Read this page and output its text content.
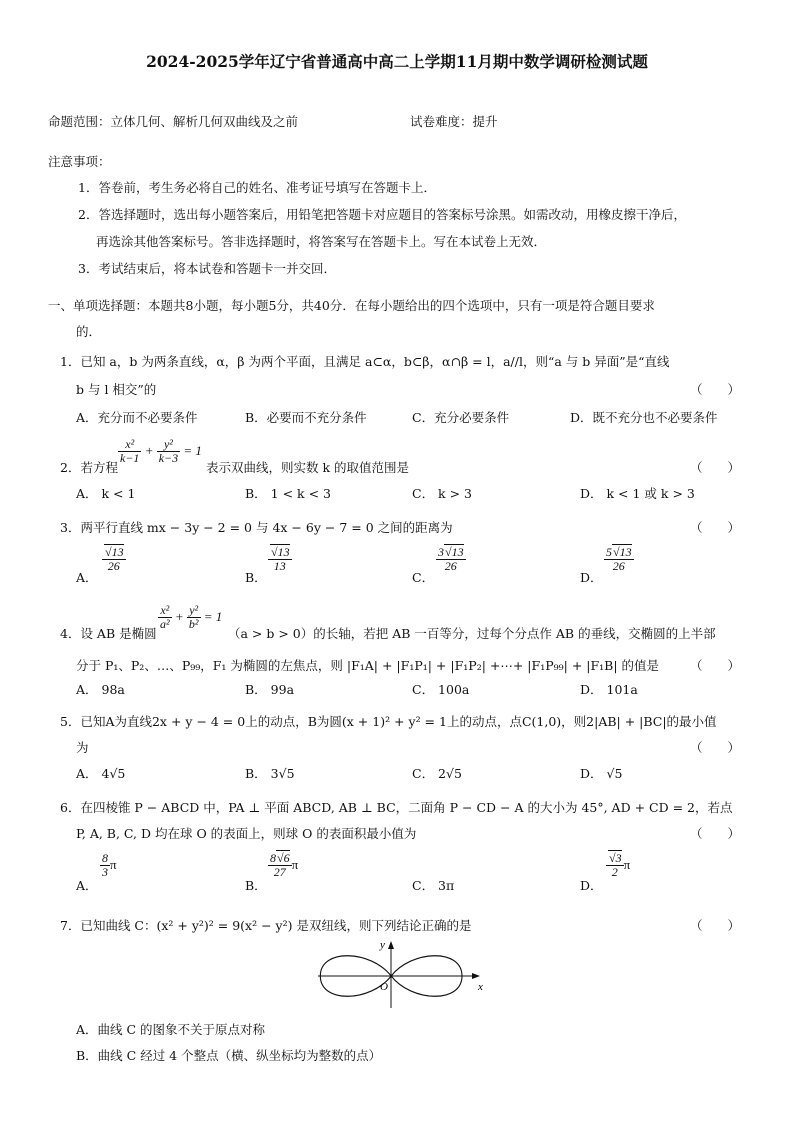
2024-2025学年辽宁省普通高中高二上学期11月期中数学调研检测试题
命题范围：立体几何、解析几何双曲线及之前	试卷难度：提升
注意事项：
1．答卷前，考生务必将自己的姓名、准考证号填写在答题卡上．
2．答选择题时，选出每小题答案后，用铅笔把答题卡对应题目的答案标号涂黑。如需改动，用橡皮擦干净后，
再选涂其他答案标号。答非选择题时，将答案写在答题卡上。写在本试卷上无效．
3．考试结束后，将本试卷和答题卡一并交回．
一、单项选择题：本题共8小题，每小题5分，共40分．在每小题给出的四个选项中，只有一项是符合题目要求
的．
1．已知 a，b 为两条直线，α，β 为两个平面，且满足 a⊂α，b⊂β，α∩β = l，a//l，则“a 与 b 异面”是“直线
b 与 l 相交”的	（　　）
A．充分而不必要条件	B．必要而不充分条件	C．充分必要条件	D．既不充分也不必要条件
2．若方程
$\frac{\text{x²}}{k-1} + \frac{\text{y²}}{k-3} = 1$
表示双曲线，则实数 k 的取值范围是	（　　）
A． k < 1	B． 1 < k < 3	C． k > 3	D． k < 1 或 k > 3
3．两平行直线 mx − 3y − 2 = 0 与 4x − 6y − 7 = 0 之间的距离为	（　　）
A．
$\frac{√13}{26}$
B．
$\frac{√13}{13}$
C．
$\frac{3√13}{26}$
D．
$\frac{5√13}{26}$
4．设 AB 是椭圆
$\frac{\text{x²}}{\text{a²}} + \frac{\text{y²}}{\text{b²}} = 1$
（a > b > 0）的长轴，若把 AB 一百等分，过每个分点作 AB 的垂线，交椭圆的上半部
分于 P₁、P₂、…、P₉₉，F₁ 为椭圆的左焦点，则 |F₁A| + |F₁P₁| + |F₁P₂| +⋯+ |F₁P₉₉| + |F₁B| 的值是 （　　）
A． 98a	B． 99a	C． 100a	D． 101a
5．已知A为直线2x + y − 4 = 0上的动点，B为圆(x + 1)² + y² = 1上的动点，点C(1,0)，则2|AB| + |BC|的最小值
为	（　　）
A． 4√5	B． 3√5	C． 2√5	D． √5
6．在四棱锥 P − ABCD 中，PA ⊥ 平面 ABCD, AB ⊥ BC，二面角 P − CD − A 的大小为 45°, AD + CD = 2，若点
P, A, B, C, D 均在球 O 的表面上，则球 O 的表面积最小值为	（　　）
A．
$\frac{8}{3}$ π
B．
$\frac{8√6}{27}$ π
C． 3π	D．
$\frac{√3}{2}$ π
7．已知曲线 C：(x² + y²)² = 9(x² − y²) 是双纽线，则下列结论正确的是	（　　）
y
x
O
A．曲线 C 的图象不关于原点对称
B．曲线 C 经过 4 个整点（横、纵坐标均为整数的点）
